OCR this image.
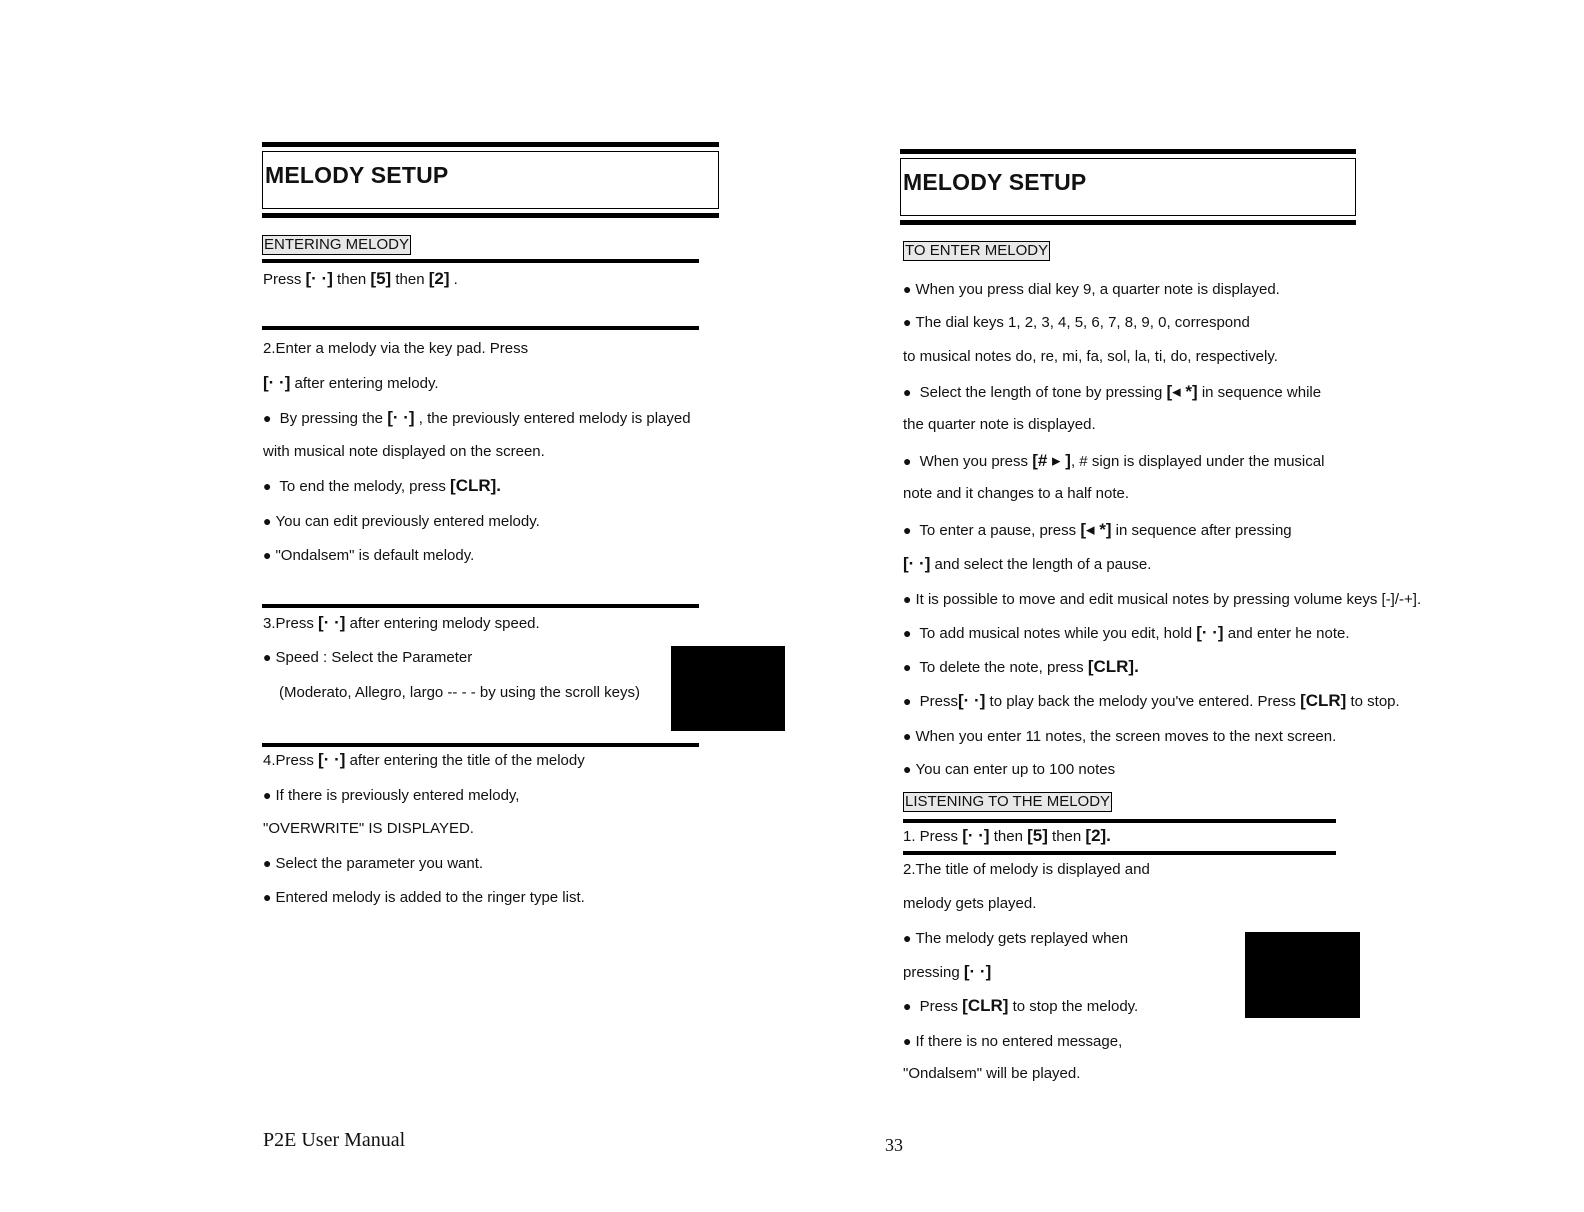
MELODY SETUP
ENTERING MELODY
Press [· ·] then [5] then [2] .
2.Enter a melody via the key pad. Press
[· ·] after entering melody.
● By pressing the [· ·] , the previously entered melody is played
with musical note displayed on the screen.
● To end the melody, press [CLR].
● You can edit previously entered melody.
● "Ondalsem" is default melody.
3.Press [· ·] after entering melody speed.
● Speed : Select the Parameter
(Moderato, Allegro, largo -- - - by using the scroll keys)
4.Press [· ·] after entering the title of the melody
● If there is previously entered melody,
"OVERWRITE" IS DISPLAYED.
● Select the parameter you want.
● Entered melody is added to the ringer type list.
MELODY SETUP
TO ENTER MELODY
● When you press dial key 9, a quarter note is displayed.
● The dial keys 1, 2, 3, 4, 5, 6, 7, 8, 9, 0, correspond
to musical notes do, re, mi, fa, sol, la, ti, do, respectively.
● Select the length of tone by pressing [◂ *] in sequence while
the quarter note is displayed.
● When you press [# ▸ ], # sign is displayed under the musical
note and it changes to a half note.
● To enter a pause, press [◂ *] in sequence after pressing
[· ·] and select the length of a pause.
● It is possible to move and edit musical notes by pressing volume keys [-]/-+].
● To add musical notes while you edit, hold [· ·] and enter he note.
● To delete the note, press [CLR].
● Press[· ·] to play back the melody you've entered. Press [CLR] to stop.
● When you enter 11 notes, the screen moves to the next screen.
● You can enter up to 100 notes
LISTENING TO THE MELODY
1. Press [· ·] then [5] then [2].
2.The title of melody is displayed and
melody gets played.
● The melody gets replayed when
pressing [· ·]
● Press [CLR] to stop the melody.
● If there is no entered message,
"Ondalsem" will be played.
P2E User Manual	33
